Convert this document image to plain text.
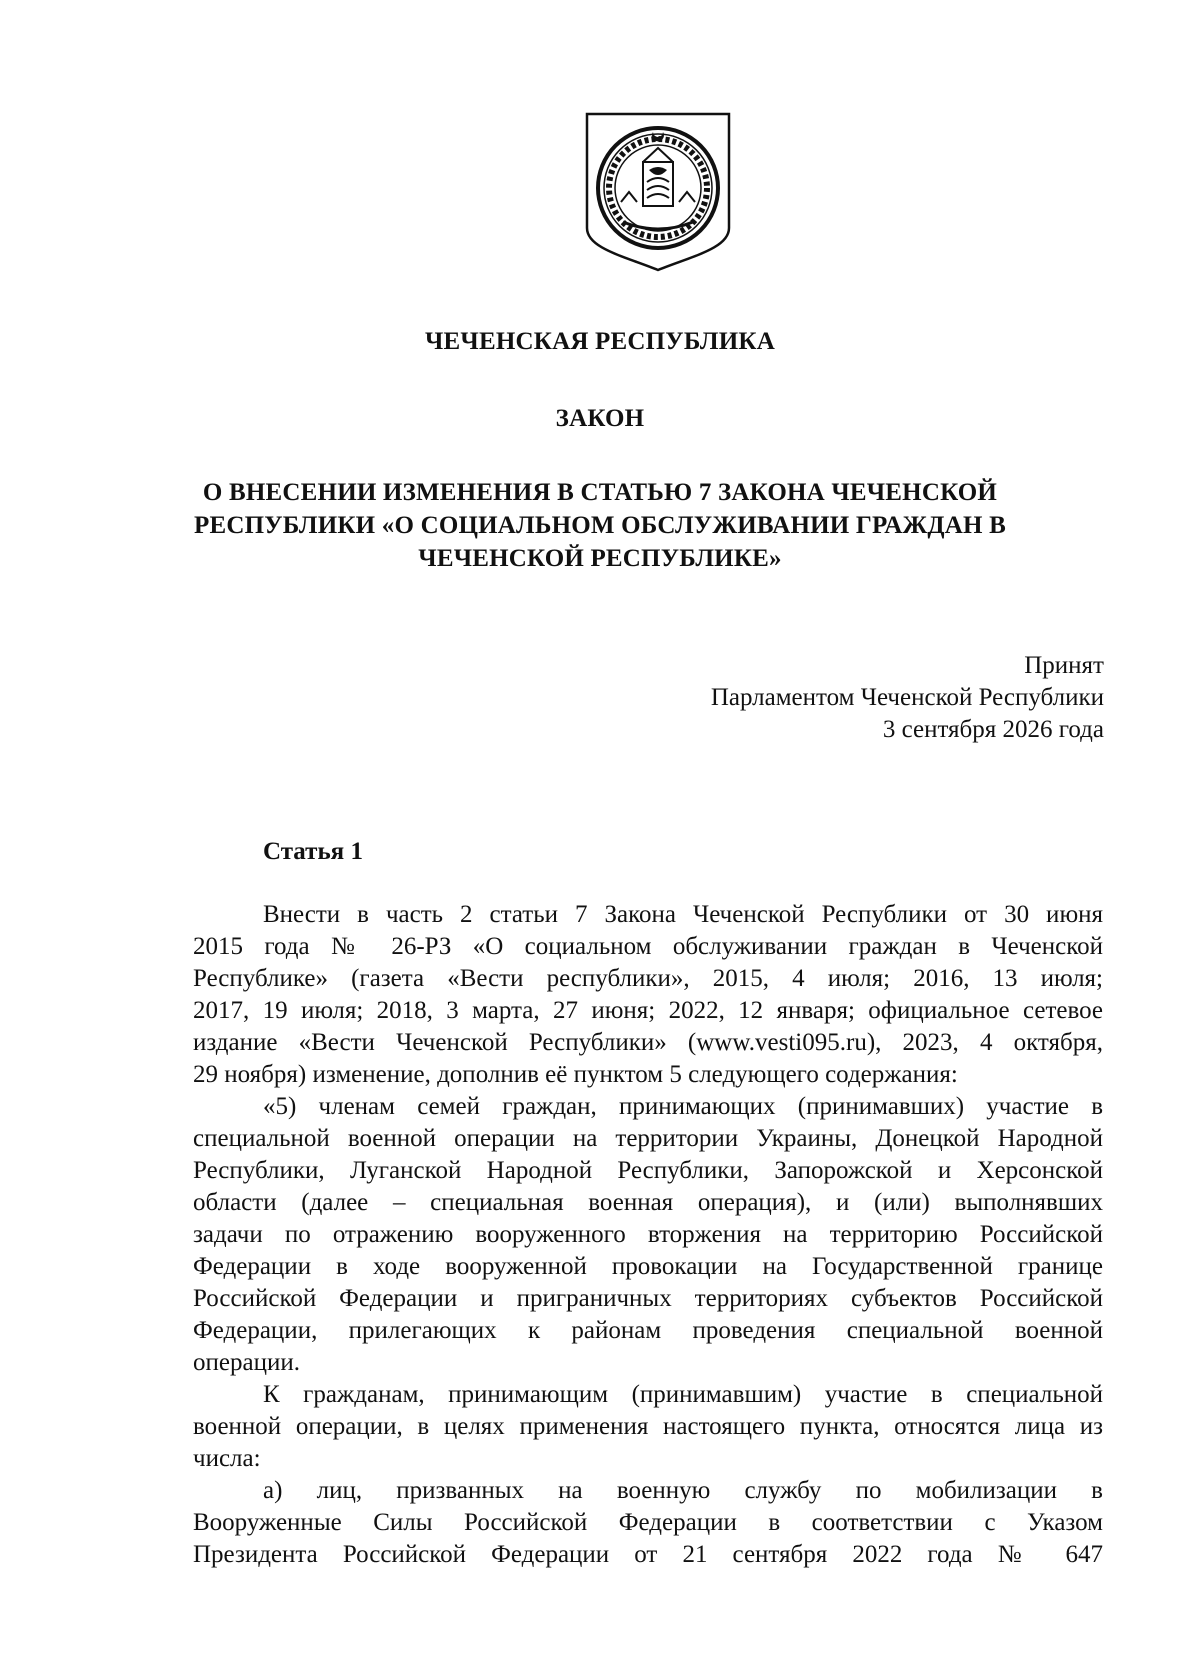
ЧЕЧЕНСКАЯ РЕСПУБЛИКА
ЗАКОН
О ВНЕСЕНИИ ИЗМЕНЕНИЯ В СТАТЬЮ 7 ЗАКОНА ЧЕЧЕНСКОЙ
РЕСПУБЛИКИ «О СОЦИАЛЬНОМ ОБСЛУЖИВАНИИ ГРАЖДАН В
ЧЕЧЕНСКОЙ РЕСПУБЛИКЕ»
Принят
Парламентом Чеченской Республики
3 сентября 2026 года
Статья 1
Внести в часть 2 статьи 7 Закона Чеченской Республики от 30 июня
2015 года № 26-РЗ «О социальном обслуживании граждан в Чеченской
Республике» (газета «Вести республики», 2015, 4 июля; 2016, 13 июля;
2017, 19 июля; 2018, 3 марта, 27 июня; 2022, 12 января; официальное сетевое
издание «Вести Чеченской Республики» (www.vesti095.ru), 2023, 4 октября,
29 ноября) изменение, дополнив её пунктом 5 следующего содержания:
«5) членам семей граждан, принимающих (принимавших) участие в
специальной военной операции на территории Украины, Донецкой Народной
Республики, Луганской Народной Республики, Запорожской и Херсонской
области (далее – специальная военная операция), и (или) выполнявших
задачи по отражению вооруженного вторжения на территорию Российской
Федерации в ходе вооруженной провокации на Государственной границе
Российской Федерации и приграничных территориях субъектов Российской
Федерации, прилегающих к районам проведения специальной военной
операции.
К гражданам, принимающим (принимавшим) участие в специальной
военной операции, в целях применения настоящего пункта, относятся лица из
числа:
а) лиц, призванных на военную службу по мобилизации в
Вооруженные Силы Российской Федерации в соответствии с Указом
Президента Российской Федерации от 21 сентября 2022 года № 647
